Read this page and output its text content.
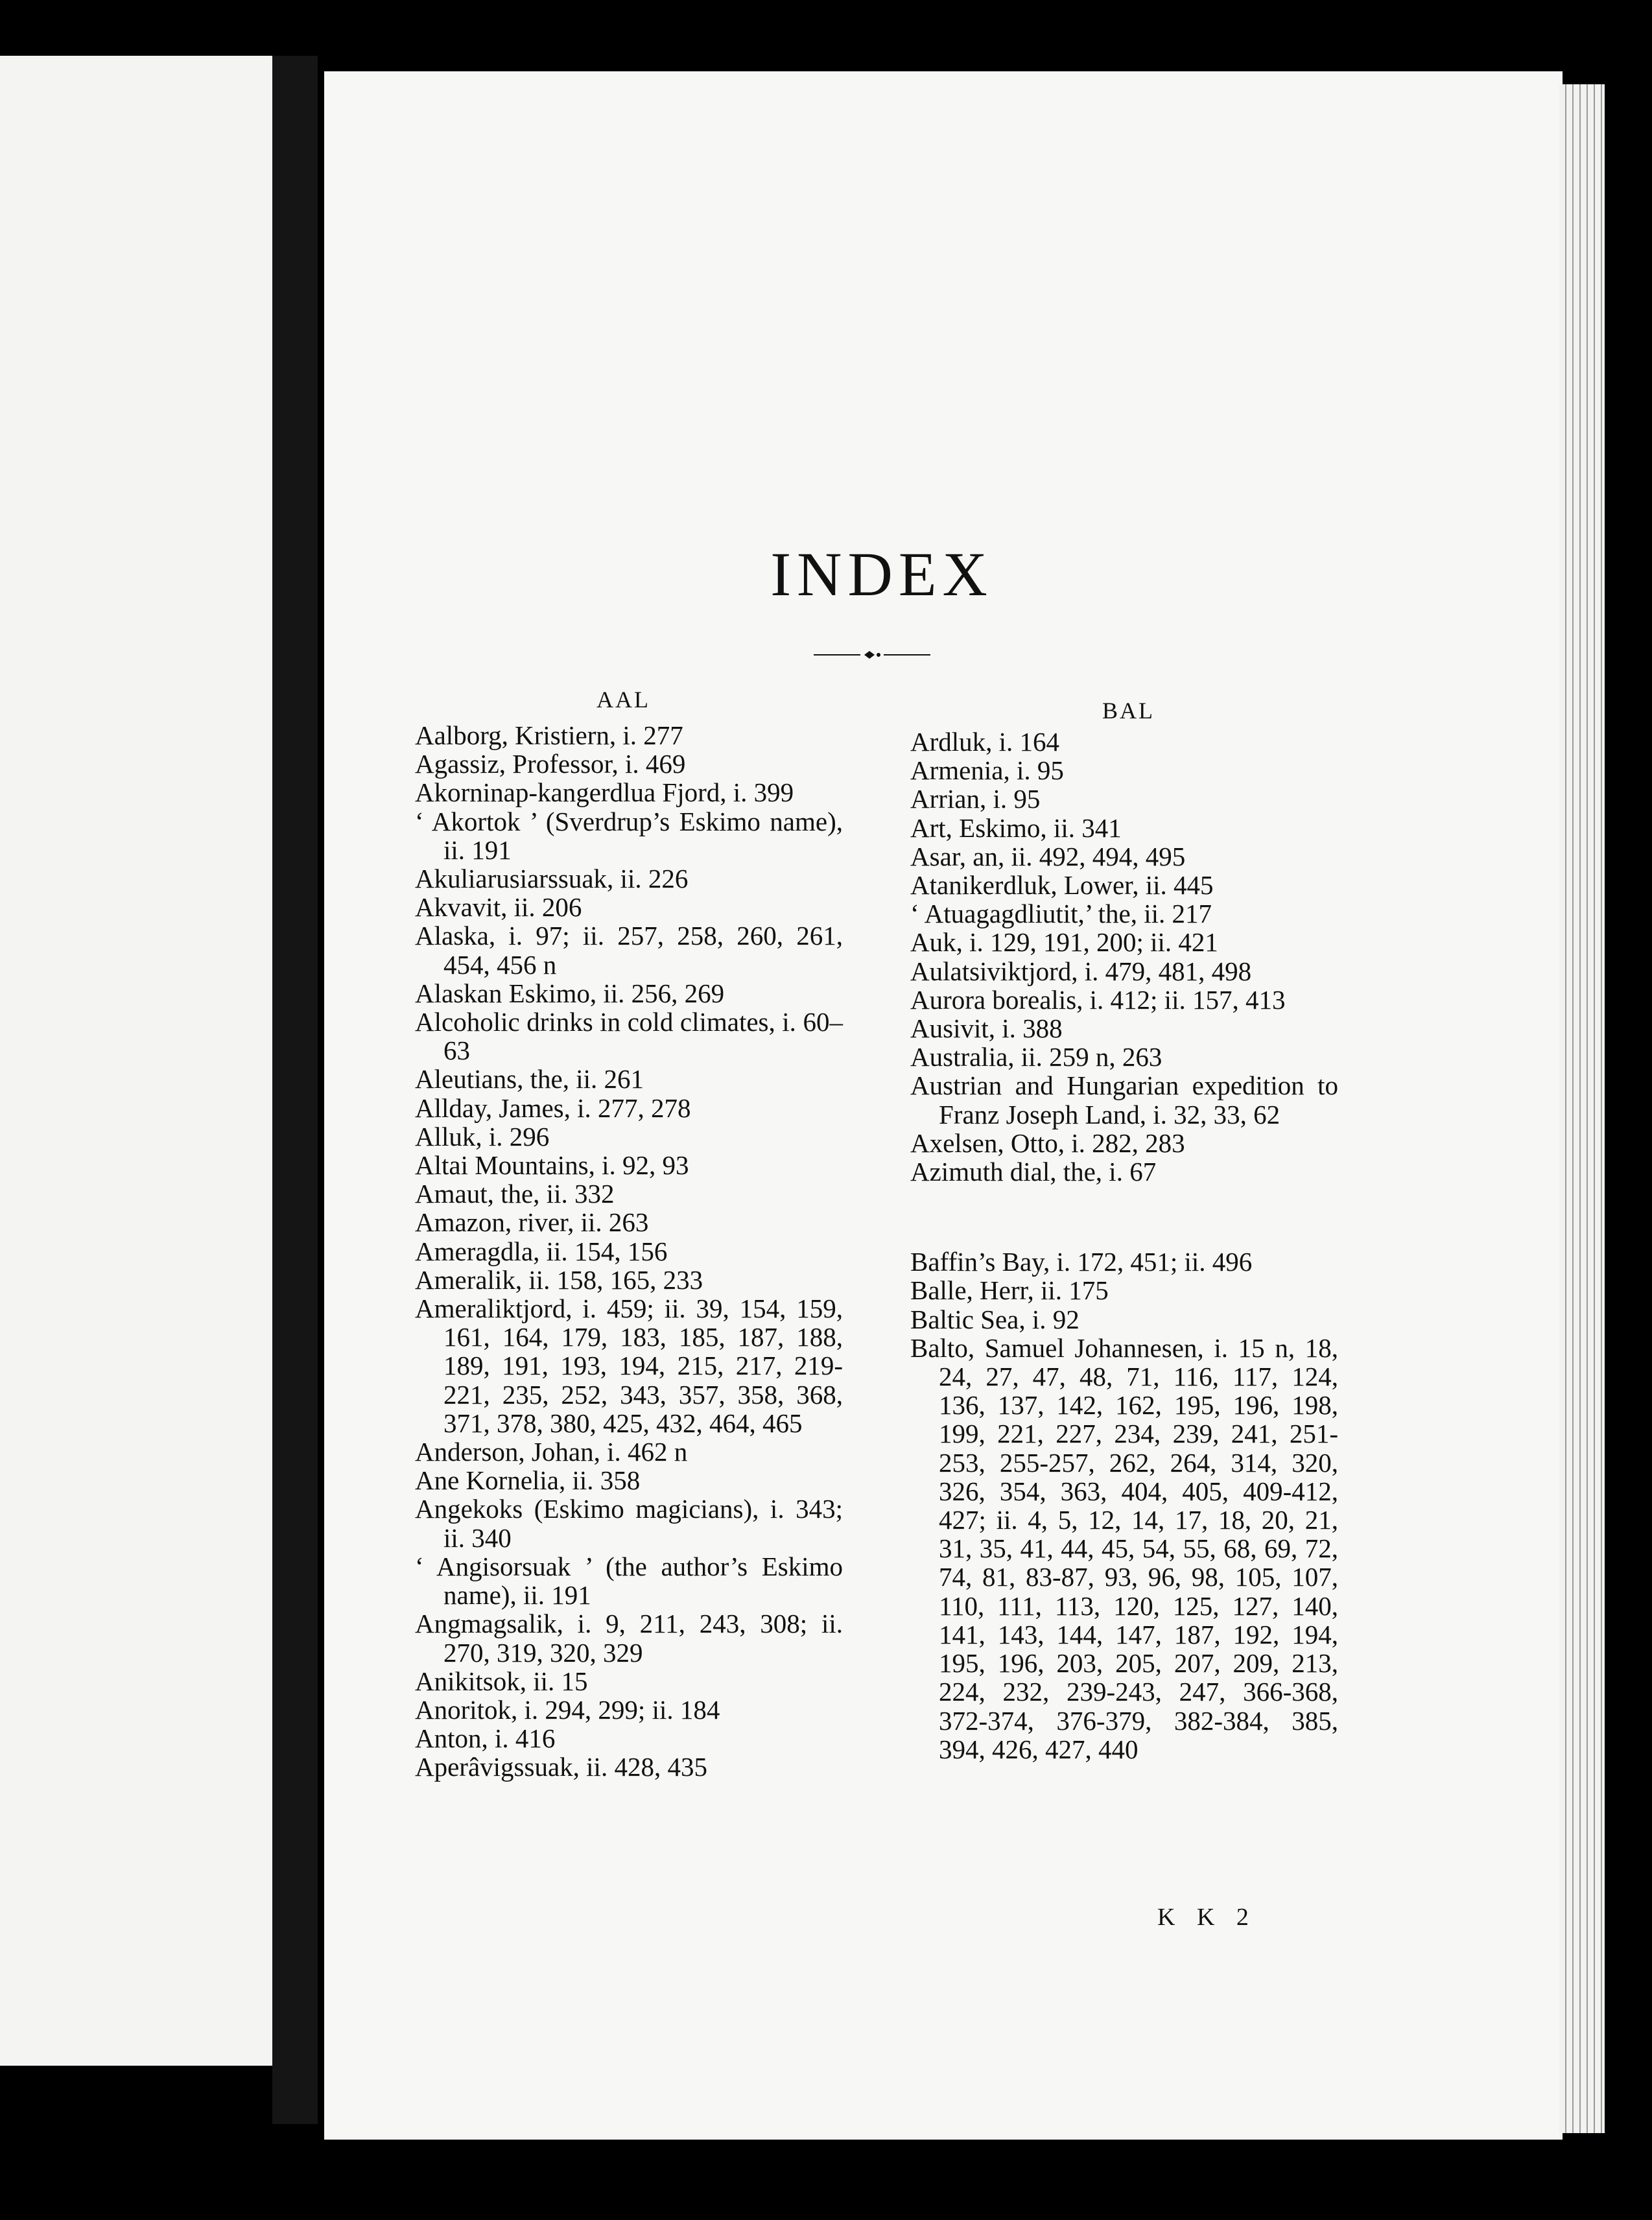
INDEX
AAL	BAL
Aalborg, Kristiern, i. 277
Agassiz, Professor, i. 469
Akorninap-kangerdlua Fjord, i. 399
‘ Akortok ’ (Sverdrup’s Eskimo name), ii. 191
Akuliarusiarssuak, ii. 226
Akvavit, ii. 206
Alaska, i. 97; ii. 257, 258, 260, 261, 454, 456 n
Alaskan Eskimo, ii. 256, 269
Alcoholic drinks in cold climates, i. 60–63
Aleutians, the, ii. 261
Allday, James, i. 277, 278
Alluk, i. 296
Altai Mountains, i. 92, 93
Amaut, the, ii. 332
Amazon, river, ii. 263
Ameragdla, ii. 154, 156
Ameralik, ii. 158, 165, 233
Ameraliktjord, i. 459; ii. 39, 154, 159, 161, 164, 179, 183, 185, 187, 188, 189, 191, 193, 194, 215, 217, 219-221, 235, 252, 343, 357, 358, 368, 371, 378, 380, 425, 432, 464, 465
Anderson, Johan, i. 462 n
Ane Kornelia, ii. 358
Angekoks (Eskimo magicians), i. 343; ii. 340
‘ Angisorsuak ’ (the author’s Eskimo name), ii. 191
Angmagsalik, i. 9, 211, 243, 308; ii. 270, 319, 320, 329
Anikitsok, ii. 15
Anoritok, i. 294, 299; ii. 184
Anton, i. 416
Aperâvigssuak, ii. 428, 435
Ardluk, i. 164
Armenia, i. 95
Arrian, i. 95
Art, Eskimo, ii. 341
Asar, an, ii. 492, 494, 495
Atanikerdluk, Lower, ii. 445
‘ Atuagagdliutit,’ the, ii. 217
Auk, i. 129, 191, 200; ii. 421
Aulatsiviktjord, i. 479, 481, 498
Aurora borealis, i. 412; ii. 157, 413
Ausivit, i. 388
Australia, ii. 259 n, 263
Austrian and Hungarian expedition to Franz Joseph Land, i. 32, 33, 62
Axelsen, Otto, i. 282, 283
Azimuth dial, the, i. 67
Baffin’s Bay, i. 172, 451; ii. 496
Balle, Herr, ii. 175
Baltic Sea, i. 92
Balto, Samuel Johannesen, i. 15 n, 18, 24, 27, 47, 48, 71, 116, 117, 124, 136, 137, 142, 162, 195, 196, 198, 199, 221, 227, 234, 239, 241, 251-253, 255-257, 262, 264, 314, 320, 326, 354, 363, 404, 405, 409-412, 427; ii. 4, 5, 12, 14, 17, 18, 20, 21, 31, 35, 41, 44, 45, 54, 55, 68, 69, 72, 74, 81, 83-87, 93, 96, 98, 105, 107, 110, 111, 113, 120, 125, 127, 140, 141, 143, 144, 147, 187, 192, 194, 195, 196, 203, 205, 207, 209, 213, 224, 232, 239-243, 247, 366-368, 372-374, 376-379, 382-384, 385, 394, 426, 427, 440
K K 2
